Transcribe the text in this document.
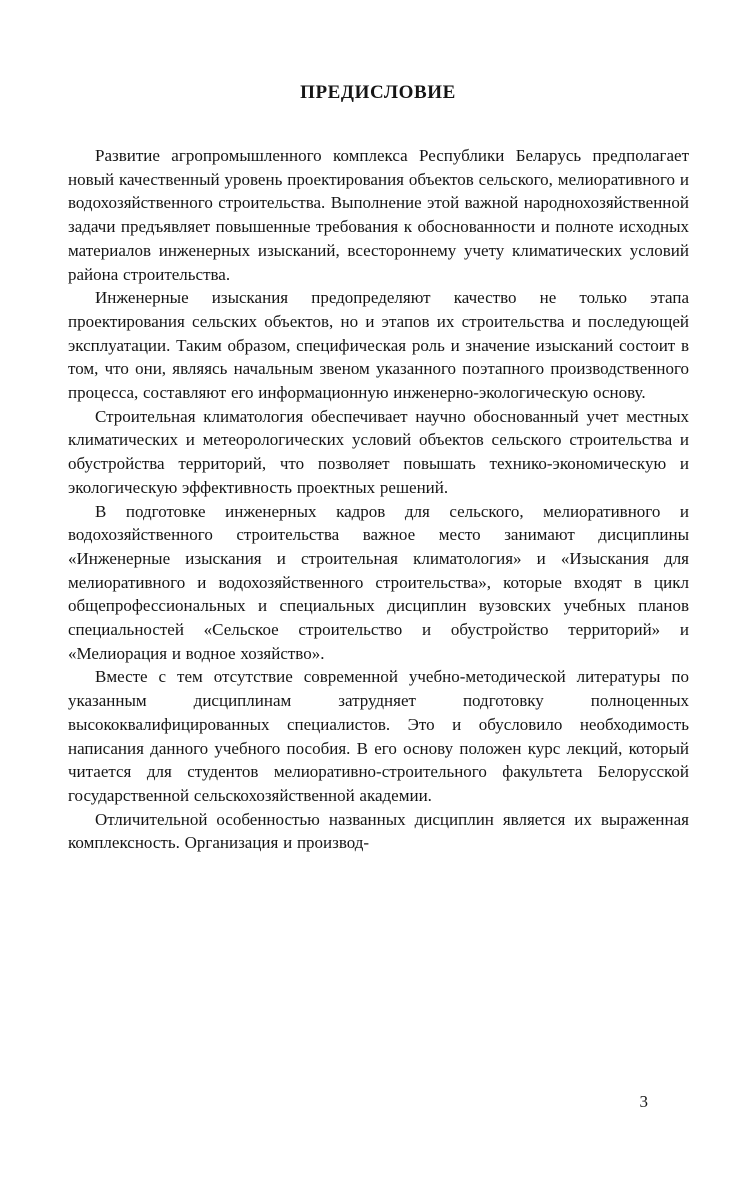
ПРЕДИСЛОВИЕ

Развитие агропромышленного комплекса Республики Беларусь предполагает новый качественный уровень проектирования объектов сельского, мелиоративного и водохозяйственного строительства. Выполнение этой важной народнохозяйственной задачи предъявляет повышенные требования к обоснованности и полноте исходных материалов инженерных изысканий, всестороннему учету климатических условий района строительства.

Инженерные изыскания предопределяют качество не только этапа проектирования сельских объектов, но и этапов их строительства и последующей эксплуатации. Таким образом, специфическая роль и значение изысканий состоит в том, что они, являясь начальным звеном указанного поэтапного производственного процесса, составляют его информационную инженерно-экологическую основу.

Строительная климатология обеспечивает научно обоснованный учет местных климатических и метеорологических условий объектов сельского строительства и обустройства территорий, что позволяет повышать технико-экономическую и экологическую эффективность проектных решений.

В подготовке инженерных кадров для сельского, мелиоративного и водохозяйственного строительства важное место занимают дисциплины «Инженерные изыскания и строительная климатология» и «Изыскания для мелиоративного и водохозяйственного строительства», которые входят в цикл общепрофессиональных и специальных дисциплин вузовских учебных планов специальностей «Сельское строительство и обустройство территорий» и «Мелиорация и водное хозяйство».

Вместе с тем отсутствие современной учебно-методической литературы по указанным дисциплинам затрудняет подготовку полноценных высококвалифицированных специалистов. Это и обусловило необходимость написания данного учебного пособия. В его основу положен курс лекций, который читается для студентов мелиоративно-строительного факультета Белорусской государственной сельскохозяйственной академии.

Отличительной особенностью названных дисциплин является их выраженная комплексность. Организация и производ-

3
